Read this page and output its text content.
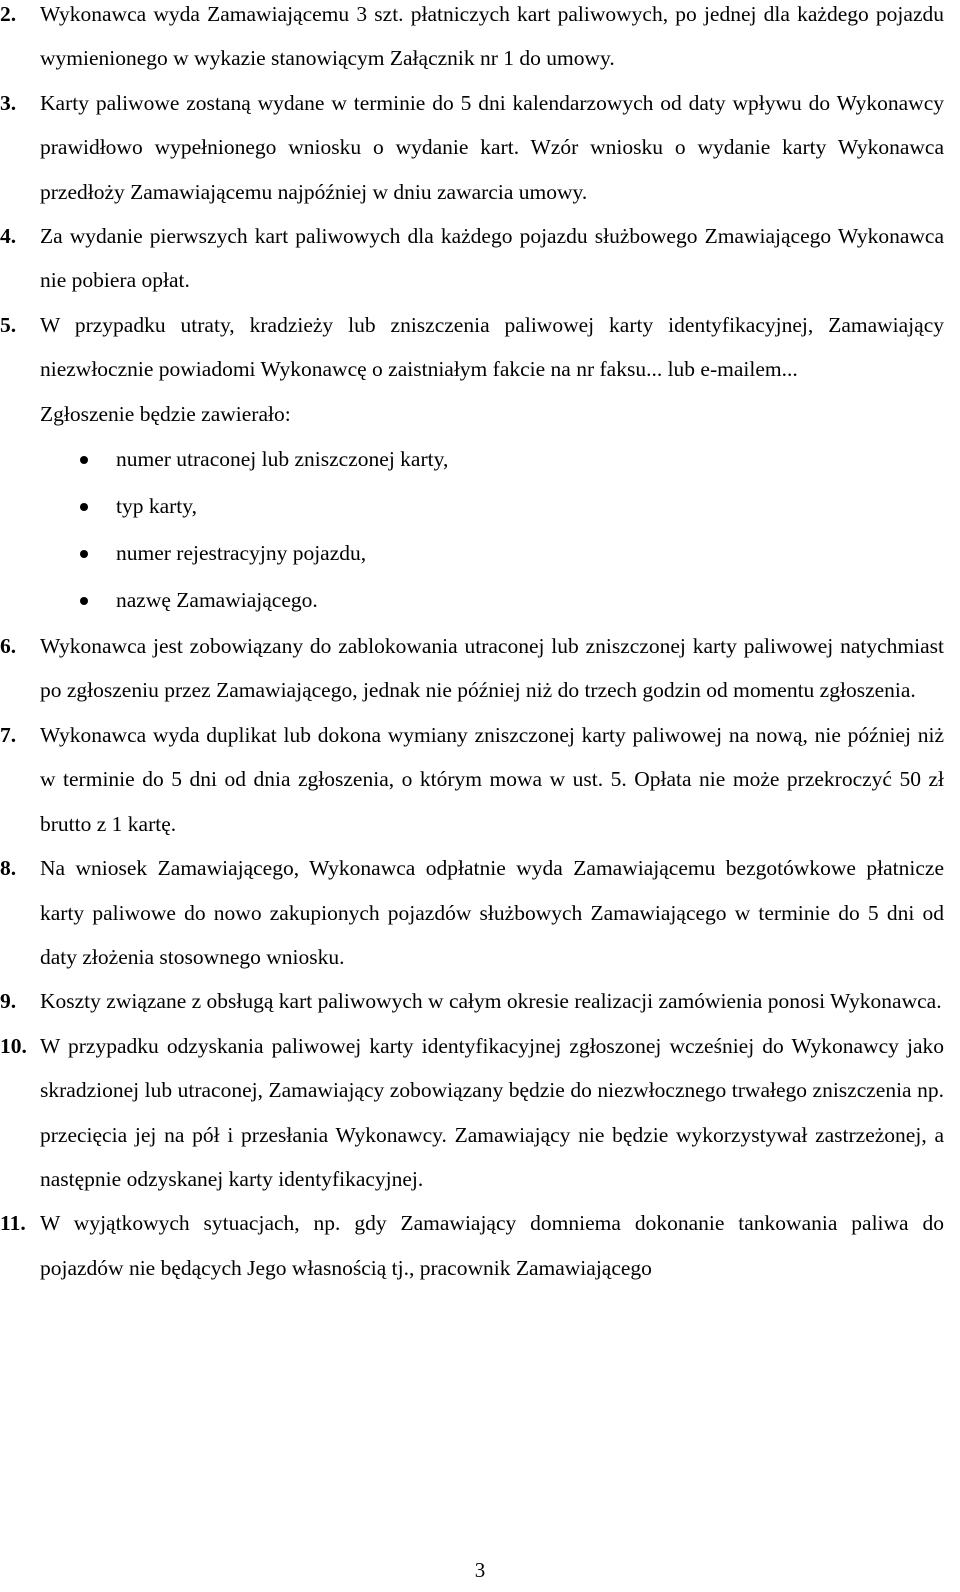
2. Wykonawca wyda Zamawiającemu 3 szt. płatniczych kart paliwowych, po jednej dla każdego pojazdu wymienionego w wykazie stanowiącym Załącznik nr 1 do umowy.
3. Karty paliwowe zostaną wydane w terminie do 5 dni kalendarzowych od daty wpływu do Wykonawcy prawidłowo wypełnionego wniosku o wydanie kart. Wzór wniosku o wydanie karty Wykonawca przedłoży Zamawiającemu najpóźniej w dniu zawarcia umowy.
4. Za wydanie pierwszych kart paliwowych dla każdego pojazdu służbowego Zmawiającego Wykonawca nie pobiera opłat.
5. W przypadku utraty, kradzieży lub zniszczenia paliwowej karty identyfikacyjnej, Zamawiający niezwłocznie powiadomi Wykonawcę o zaistniałym fakcie na nr faksu... lub e-mailem...
Zgłoszenie będzie zawierało:
numer utraconej lub zniszczonej karty,
typ karty,
numer rejestracyjny pojazdu,
nazwę Zamawiającego.
6. Wykonawca jest zobowiązany do zablokowania utraconej lub zniszczonej karty paliwowej natychmiast po zgłoszeniu przez Zamawiającego, jednak nie później niż do trzech godzin od momentu zgłoszenia.
7. Wykonawca wyda duplikat lub dokona wymiany zniszczonej karty paliwowej na nową, nie później niż w terminie do 5 dni od dnia zgłoszenia, o którym mowa w ust. 5. Opłata nie może przekroczyć 50 zł brutto z 1 kartę.
8. Na wniosek Zamawiającego, Wykonawca odpłatnie wyda Zamawiającemu bezgotówkowe płatnicze karty paliwowe do nowo zakupionych pojazdów służbowych Zamawiającego w terminie do 5 dni od daty złożenia stosownego wniosku.
9. Koszty związane z obsługą kart paliwowych w całym okresie realizacji zamówienia ponosi Wykonawca.
10. W przypadku odzyskania paliwowej karty identyfikacyjnej zgłoszonej wcześniej do Wykonawcy jako skradzionej lub utraconej, Zamawiający zobowiązany będzie do niezwłocznego trwałego zniszczenia np. przecięcia jej na pół i przesłania Wykonawcy. Zamawiający nie będzie wykorzystywał zastrzeżonej, a następnie odzyskanej karty identyfikacyjnej.
11. W wyjątkowych sytuacjach, np. gdy Zamawiający domniema dokonanie tankowania paliwa do pojazdów nie będących Jego własnością tj., pracownik Zamawiającego
3
